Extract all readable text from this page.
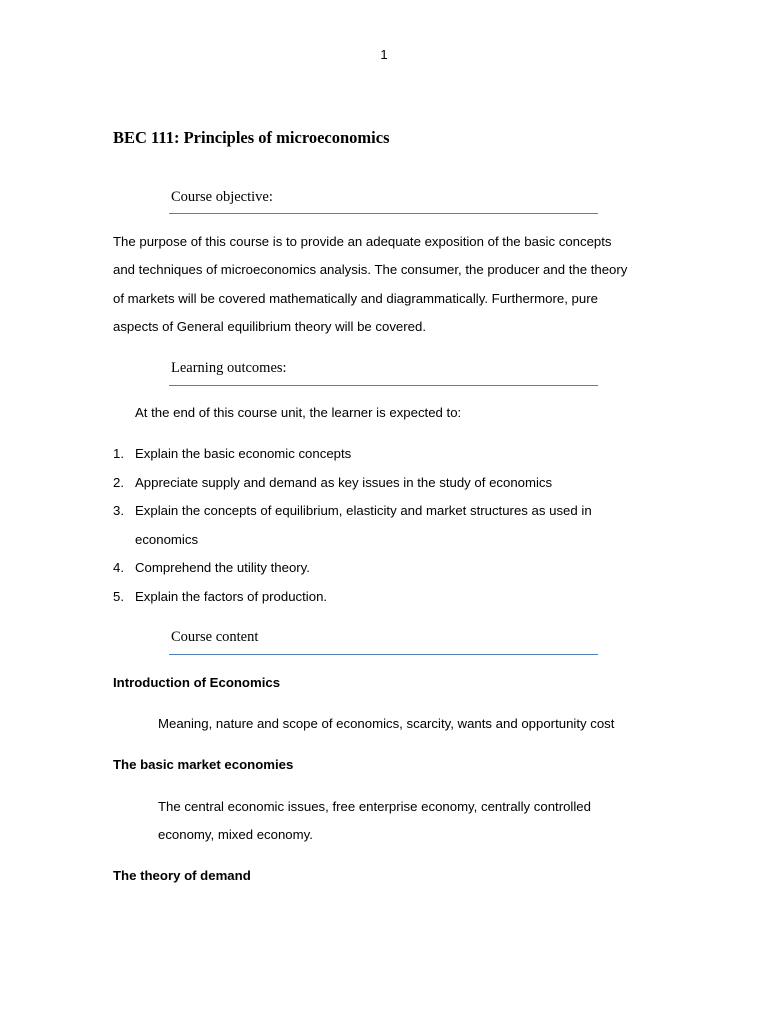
1
BEC 111: Principles of microeconomics
Course objective:
The purpose of this course is to provide an adequate exposition of the basic concepts
and techniques of microeconomics analysis. The consumer, the producer and the theory
of markets will be covered mathematically and diagrammatically. Furthermore, pure
aspects of General equilibrium theory will be covered.
Learning outcomes:
At the end of this course unit, the learner is expected to:
1. Explain the basic economic concepts
2. Appreciate supply and demand as key issues in the study of economics
3. Explain the concepts of equilibrium, elasticity and market structures as used in
economics
4. Comprehend the utility theory.
5. Explain the factors of production.
Course content
Introduction of Economics
Meaning, nature and scope of economics, scarcity, wants and opportunity cost
The basic market economies
The central economic issues, free enterprise economy, centrally controlled
economy, mixed economy.
The theory of demand
